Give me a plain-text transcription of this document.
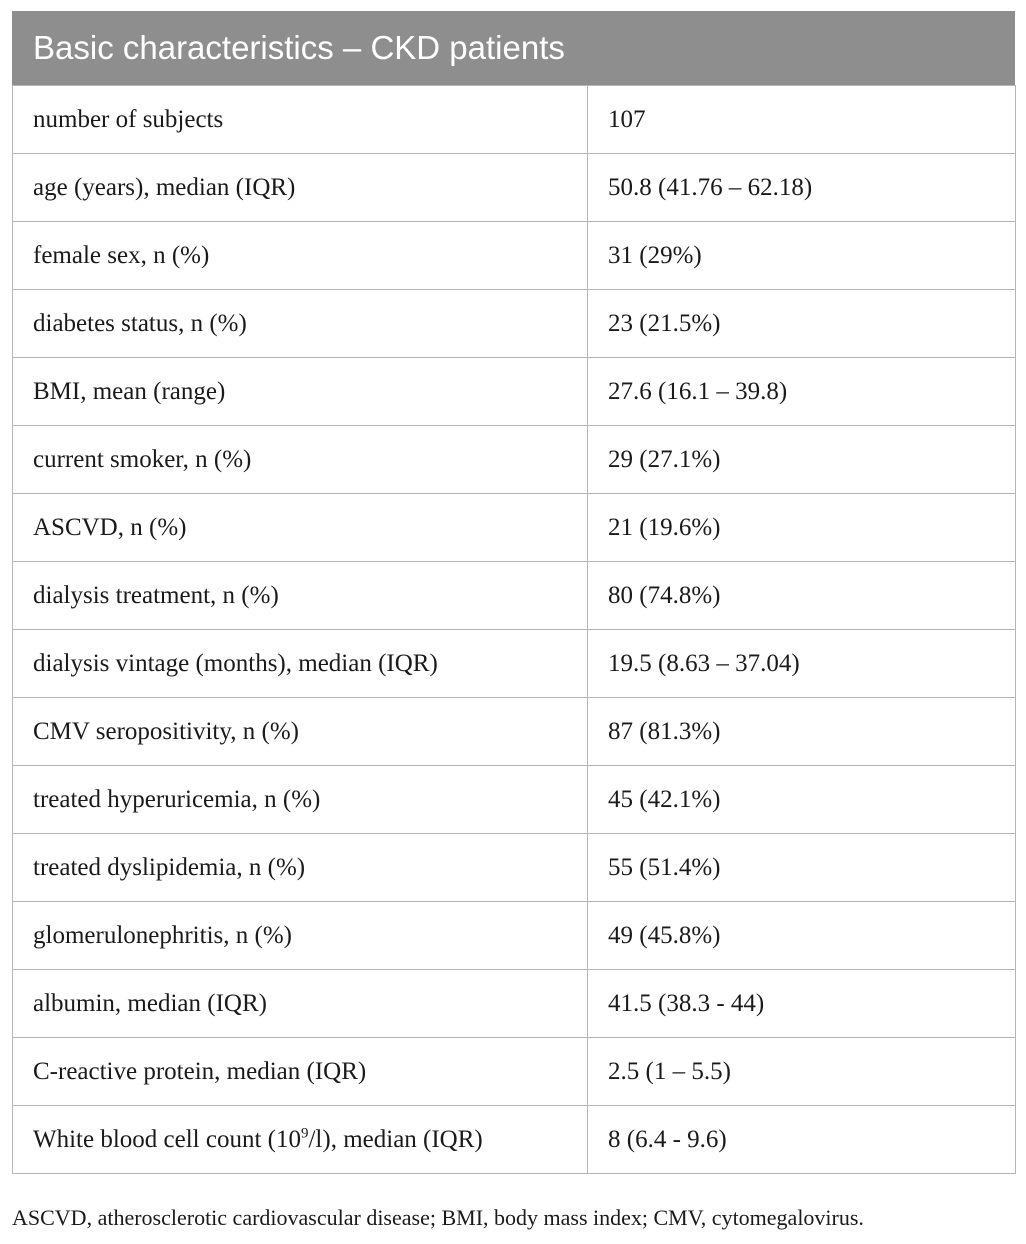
Basic characteristics – CKD patients
number of subjects	107
age (years), median (IQR)	50.8 (41.76 – 62.18)
female sex, n (%)	31 (29%)
diabetes status, n (%)	23 (21.5%)
BMI, mean (range)	27.6 (16.1 – 39.8)
current smoker, n (%)	29 (27.1%)
ASCVD, n (%)	21 (19.6%)
dialysis treatment, n (%)	80 (74.8%)
dialysis vintage (months), median (IQR)	19.5 (8.63 – 37.04)
CMV seropositivity, n (%)	87 (81.3%)
treated hyperuricemia, n (%)	45 (42.1%)
treated dyslipidemia, n (%)	55 (51.4%)
glomerulonephritis, n (%)	49 (45.8%)
albumin, median (IQR)	41.5 (38.3 - 44)
C-reactive protein, median (IQR)	2.5 (1 – 5.5)
White blood cell count $(10^9/l)$, median (IQR)	8 (6.4 - 9.6)
ASCVD, atherosclerotic cardiovascular disease; BMI, body mass index; CMV, cytomegalovirus.
